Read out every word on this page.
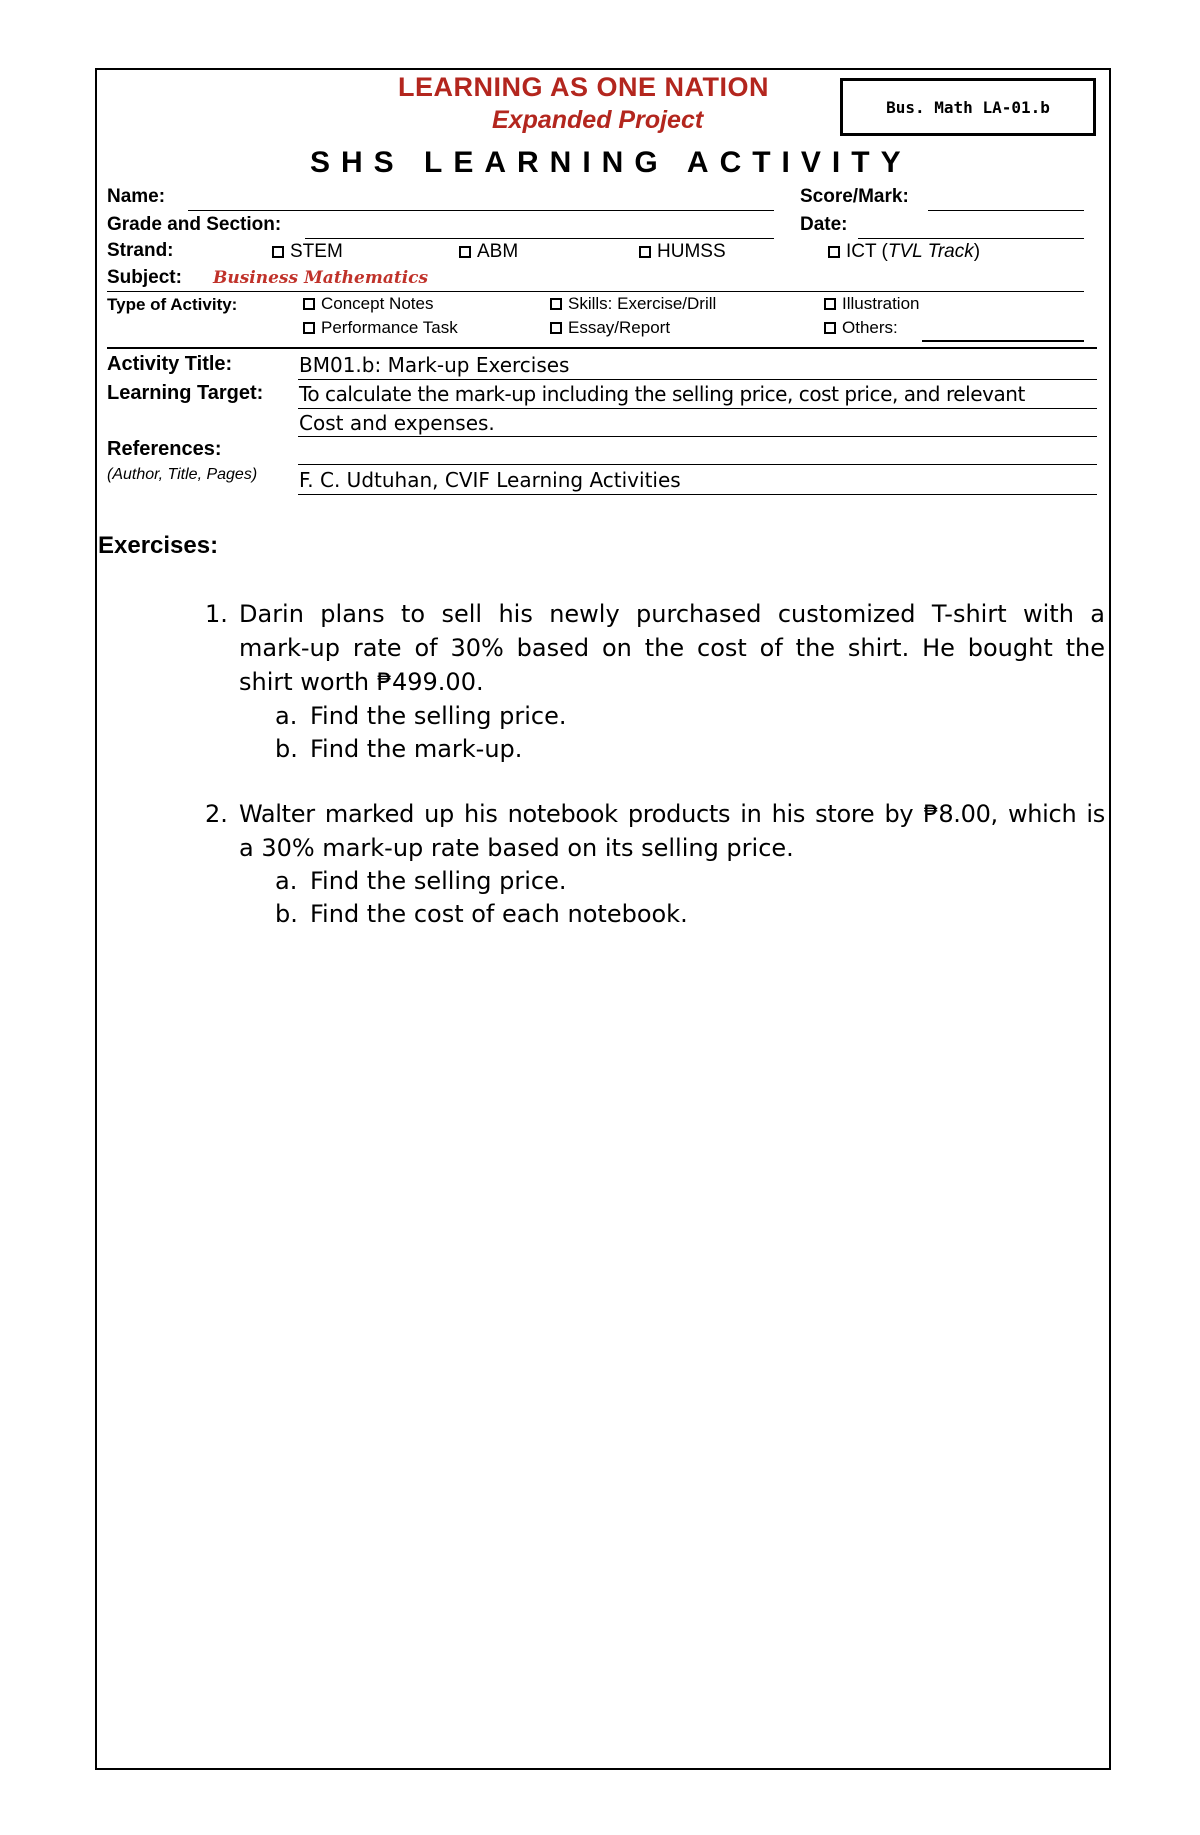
LEARNING AS ONE NATION
Expanded Project	Bus. Math LA-01.b
SHS LEARNING ACTIVITY
Name:	Score/Mark:
Grade and Section:	Date:
Strand:	STEM	ABM	HUMSS	ICT ( TVL Track )
Subject: Business Mathematics
Type of Activity:	Concept Notes	Skills: Exercise/Drill	Illustration
Performance Task	Essay/Report	Others:
Activity Title:	BM01.b: Mark-up Exercises
Learning Target: To calculate the mark-up including the selling price, cost price, and relevant
Cost and expenses.
References:
(Author, Title, Pages) F. C. Udtuhan, CVIF Learning Activities
Exercises:
1. Darin plans to sell his newly purchased customized T-shirt with a
mark-up rate of 30% based on the cost of the shirt. He bought the
shirt worth ₱499.00.
a. Find the selling price.
b. Find the mark-up.
2. Walter marked up his notebook products in his store by ₱8.00, which is
a 30% mark-up rate based on its selling price.
a. Find the selling price.
b. Find the cost of each notebook.
